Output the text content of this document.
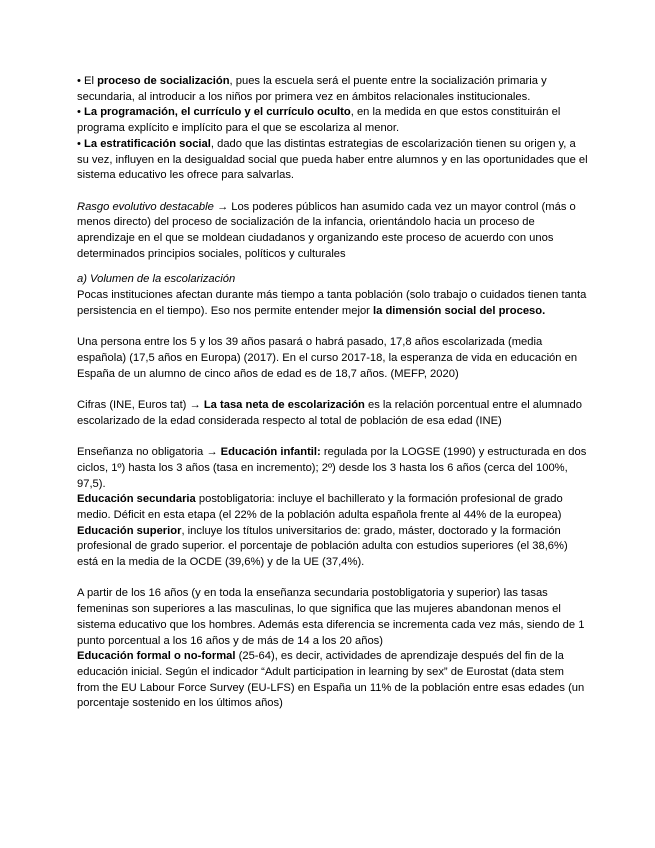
• El proceso de socialización, pues la escuela será el puente entre la socialización primaria y secundaria, al introducir a los niños por primera vez en ámbitos relacionales institucionales.

• La programación, el currículo y el currículo oculto, en la medida en que estos constituirán el programa explícito e implícito para el que se escolariza al menor.

• La estratificación social, dado que las distintas estrategias de escolarización tienen su origen y, a su vez, influyen en la desigualdad social que pueda haber entre alumnos y en las oportunidades que el sistema educativo les ofrece para salvarlas.

Rasgo evolutivo destacable → Los poderes públicos han asumido cada vez un mayor control (más o menos directo) del proceso de socialización de la infancia, orientándolo hacia un proceso de aprendizaje en el que se moldean ciudadanos y organizando este proceso de acuerdo con unos determinados principios sociales, políticos y culturales

a) Volumen de la escolarización

Pocas instituciones afectan durante más tiempo a tanta población (solo trabajo o cuidados tienen tanta persistencia en el tiempo). Eso nos permite entender mejor la dimensión social del proceso.

Una persona entre los 5 y los 39 años pasará o habrá pasado, 17,8 años escolarizada (media española) (17,5 años en Europa) (2017). En el curso 2017-18, la esperanza de vida en educación en España de un alumno de cinco años de edad es de 18,7 años. (MEFP, 2020)

Cifras (INE, Euros tat) → La tasa neta de escolarización es la relación porcentual entre el alumnado escolarizado de la edad considerada respecto al total de población de esa edad (INE)

Enseñanza no obligatoria → Educación infantil: regulada por la LOGSE (1990) y estructurada en dos ciclos, 1º) hasta los 3 años (tasa en incremento); 2º) desde los 3 hasta los 6 años (cerca del 100%, 97,5).

Educación secundaria postobligatoria: incluye el bachillerato y la formación profesional de grado medio. Déficit en esta etapa (el 22% de la población adulta española frente al 44% de la europea)

Educación superior, incluye los títulos universitarios de: grado, máster, doctorado y la formación profesional de grado superior. el porcentaje de población adulta con estudios superiores (el 38,6%) está en la media de la OCDE (39,6%) y de la UE (37,4%).

A partir de los 16 años (y en toda la enseñanza secundaria postobligatoria y superior) las tasas femeninas son superiores a las masculinas, lo que significa que las mujeres abandonan menos el sistema educativo que los hombres. Además esta diferencia se incrementa cada vez más, siendo de 1 punto porcentual a los 16 años y de más de 14 a los 20 años)

Educación formal o no-formal (25-64), es decir, actividades de aprendizaje después del fin de la educación inicial. Según el indicador “Adult participation in learning by sex” de Eurostat (data stem from the EU Labour Force Survey (EU-LFS) en España un 11% de la población entre esas edades (un porcentaje sostenido en los últimos años)
